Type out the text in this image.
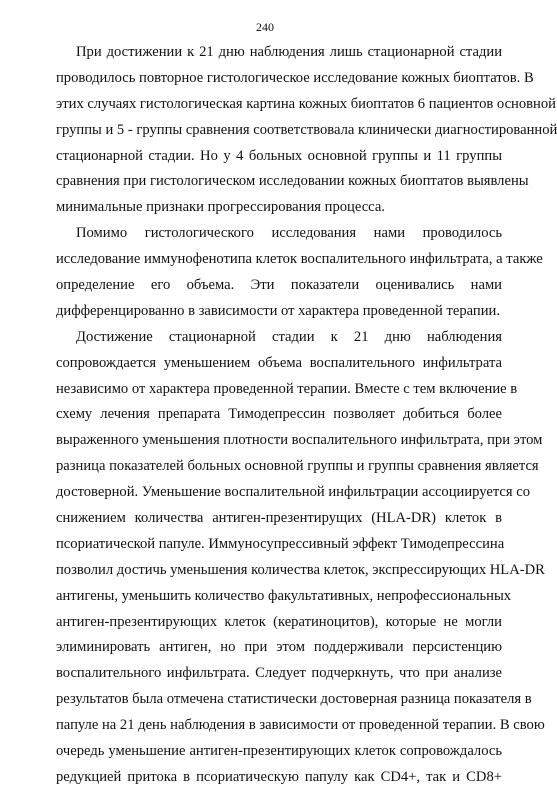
240
При достижении к 21 дню наблюдения лишь стационарной стадии
проводилось повторное гистологическое исследование кожных биоптатов. В
этих случаях гистологическая картина кожных биоптатов 6 пациентов основной
группы и 5 - группы сравнения соответствовала клинически диагностированной
стационарной стадии. Но у 4 больных основной группы и 11 группы
сравнения при гистологическом исследовании кожных биоптатов выявлены
минимальные признаки прогрессирования процесса.
Помимо гистологического исследования нами проводилось
исследование иммунофенотипа клеток воспалительного инфильтрата, а также
определение его объема. Эти показатели оценивались нами
дифференцированно в зависимости от характера проведенной терапии.
Достижение стационарной стадии к 21 дню наблюдения
сопровождается уменьшением объема воспалительного инфильтрата
независимо от характера проведенной терапии. Вместе с тем включение в
схему лечения препарата Тимодепрессин позволяет добиться более
выраженного уменьшения плотности воспалительного инфильтрата, при этом
разница показателей больных основной группы и группы сравнения является
достоверной. Уменьшение воспалительной инфильтрации ассоциируется со
снижением количества антиген-презентирущих (HLA-DR) клеток в
псориатической папуле. Иммуносупрессивный эффект Тимодепрессина
позволил достичь уменьшения количества клеток, экспрессирующих HLA-DR
антигены, уменьшить количество факультативных, непрофессиональных
антиген-презентирующих клеток (кератиноцитов), которые не могли
элиминировать антиген, но при этом поддерживали персистенцию
воспалительного инфильтрата. Следует подчеркнуть, что при анализе
результатов была отмечена статистически достоверная разница показателя в
папуле на 21 день наблюдения в зависимости от проведенной терапии. В свою
очередь уменьшение антиген-презентирующих клеток сопровождалось
редукцией притока в псориатическую папулу как CD4+, так и CD8+
